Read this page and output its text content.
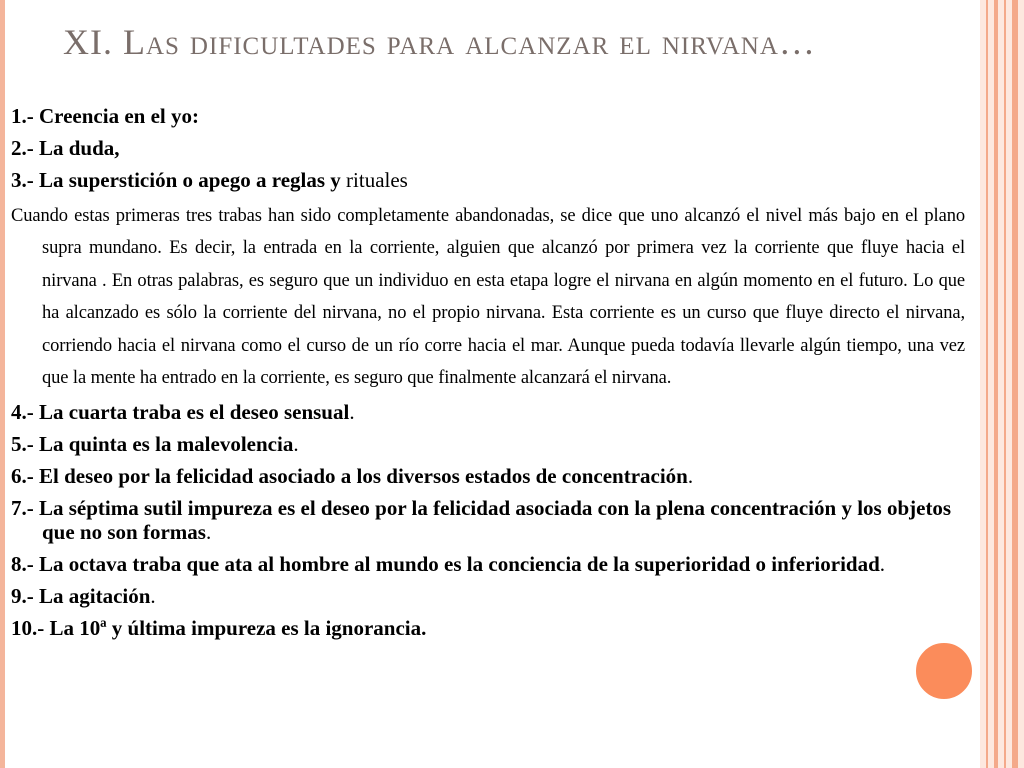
XI. Las dificultades para alcanzar el nirvana…

1.- Creencia en el yo:

2.- La duda,

3.- La superstición o apego a reglas y rituales

Cuando estas primeras tres trabas han sido completamente abandonadas, se dice que uno alcanzó el nivel más bajo en el plano supra mundano. Es decir, la entrada en la corriente, alguien que alcanzó por primera vez la corriente que fluye hacia el nirvana . En otras palabras, es seguro que un individuo en esta etapa logre el nirvana en algún momento en el futuro. Lo que ha alcanzado es sólo la corriente del nirvana, no el propio nirvana. Esta corriente es un curso que fluye directo el nirvana, corriendo hacia el nirvana como el curso de un río corre hacia el mar. Aunque pueda todavía llevarle algún tiempo, una vez que la mente ha entrado en la corriente, es seguro que finalmente alcanzará el nirvana.

4.- La cuarta traba es el deseo sensual.

5.- La quinta es la malevolencia.

6.- El deseo por la felicidad asociado a los diversos estados de concentración.

7.- La séptima sutil impureza es el deseo por la felicidad asociada con la plena concentración y los objetos que no son formas.

8.- La octava traba que ata al hombre al mundo es la conciencia de la superioridad o inferioridad.

9.- La agitación.

10.- La 10ª y última impureza es la ignorancia.
